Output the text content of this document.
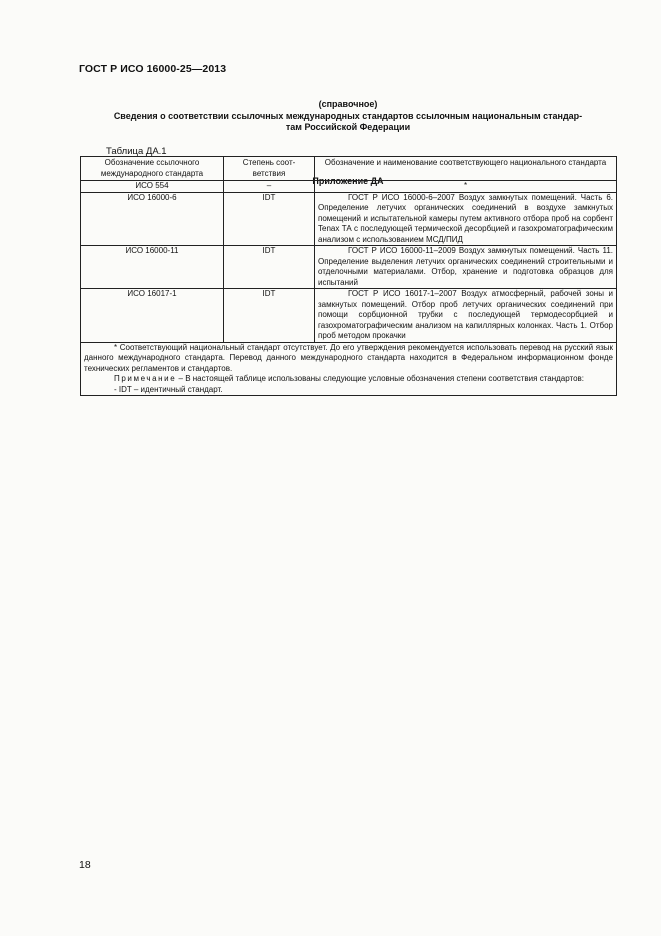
ГОСТ Р ИСО 16000-25—2013
Приложение ДА
(справочное)
Сведения о соответствии ссылочных международных стандартов ссылочным национальным стандар-
там Российской Федерации
Таблица ДА.1
Обозначение ссылочного международного стандарта	Степень соот- ветствия	Обозначение и наименование соответствующего национального стандарта
ИСО 554	–	*
ИСО 16000-6	IDT	ГОСТ Р ИСО 16000-6–2007 Воздух замкнутых помещений. Часть 6. Определение летучих органических соединений в воздухе замкнутых помещений и испытательной камеры путем активного отбора проб на сорбент Tenax ТА с последующей термической десорбцией и газохроматографическим анализом с использованием МСД/ПИД
ИСО 16000-11	IDT	ГОСТ Р ИСО 16000-11–2009 Воздух замкнутых помещений. Часть 11. Определение выделения летучих органических соединений строительными и отделочными материалами. Отбор, хранение и подготовка образцов для испытаний
ИСО 16017-1	IDT	ГОСТ Р ИСО 16017-1–2007 Воздух атмосферный, рабочей зоны и замкнутых помещений. Отбор проб летучих органических соединений при помощи сорбционной трубки с последующей термодесорбцией и газохроматографическим анализом на капиллярных колонках. Часть 1. Отбор проб методом прокачки

* Соответствующий национальный стандарт отсутствует. До его утверждения рекомендуется использовать перевод на русский язык данного международного стандарта. Перевод данного международного стандарта находится в Федеральном информационном фонде технических регламентов и стандартов.

Примечание – В настоящей таблице использованы следующие условные обозначения степени соответствия стандартов:

- IDT – идентичный стандарт.		

18
